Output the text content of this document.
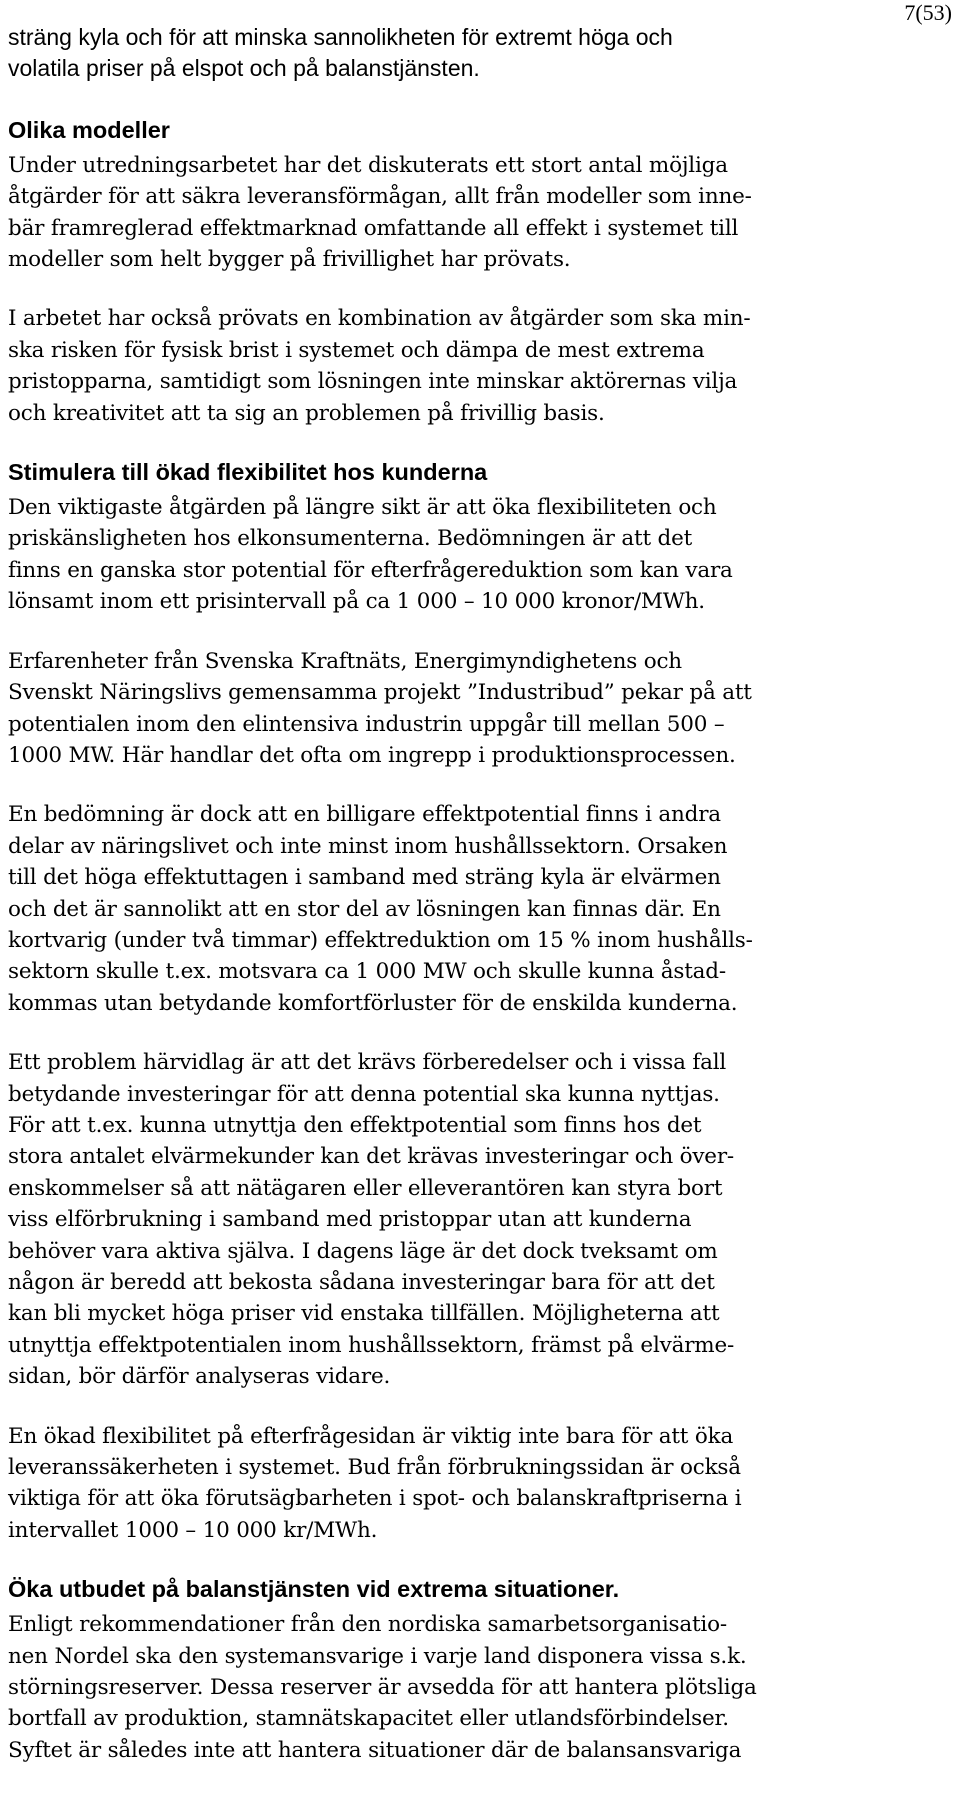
7(53)
sträng kyla och för att minska sannolikheten för extremt höga och
volatila priser på elspot och på balanstjänsten.
Olika modeller
Under utredningsarbetet har det diskuterats ett stort antal möjliga
åtgärder för att säkra leveransförmågan, allt från modeller som inne-
bär framreglerad effektmarknad omfattande all effekt i systemet till
modeller som helt bygger på frivillighet har prövats.
I arbetet har också prövats en kombination av åtgärder som ska min-
ska risken för fysisk brist i systemet och dämpa de mest extrema
pristopparna, samtidigt som lösningen inte minskar aktörernas vilja
och kreativitet att ta sig an problemen på frivillig basis.
Stimulera till ökad flexibilitet hos kunderna
Den viktigaste åtgärden på längre sikt är att öka flexibiliteten och
priskänsligheten hos elkonsumenterna. Bedömningen är att det
finns en ganska stor potential för efterfrågereduktion som kan vara
lönsamt inom ett prisintervall på ca 1 000 – 10 000 kronor/MWh.
Erfarenheter från Svenska Kraftnäts, Energimyndighetens och
Svenskt Näringslivs gemensamma projekt ”Industribud” pekar på att
potentialen inom den elintensiva industrin uppgår till mellan 500 –
1000 MW. Här handlar det ofta om ingrepp i produktionsprocessen.
En bedömning är dock att en billigare effektpotential finns i andra
delar av näringslivet och inte minst inom hushållssektorn. Orsaken
till det höga effektuttagen i samband med sträng kyla är elvärmen
och det är sannolikt att en stor del av lösningen kan finnas där. En
kortvarig (under två timmar) effektreduktion om 15 % inom hushålls-
sektorn skulle t.ex. motsvara ca 1 000 MW och skulle kunna åstad-
kommas utan betydande komfortförluster för de enskilda kunderna.
Ett problem härvidlag är att det krävs förberedelser och i vissa fall
betydande investeringar för att denna potential ska kunna nyttjas.
För att t.ex. kunna utnyttja den effektpotential som finns hos det
stora antalet elvärmekunder kan det krävas investeringar och över-
enskommelser så att nätägaren eller elleverantören kan styra bort
viss elförbrukning i samband med pristoppar utan att kunderna
behöver vara aktiva själva. I dagens läge är det dock tveksamt om
någon är beredd att bekosta sådana investeringar bara för att det
kan bli mycket höga priser vid enstaka tillfällen. Möjligheterna att
utnyttja effektpotentialen inom hushållssektorn, främst på elvärme-
sidan, bör därför analyseras vidare.
En ökad flexibilitet på efterfrågesidan är viktig inte bara för att öka
leveranssäkerheten i systemet. Bud från förbrukningssidan är också
viktiga för att öka förutsägbarheten i spot- och balanskraftpriserna i
intervallet 1000 – 10 000 kr/MWh.
Öka utbudet på balanstjänsten vid extrema situationer.
Enligt rekommendationer från den nordiska samarbetsorganisatio-
nen Nordel ska den systemansvarige i varje land disponera vissa s.k.
störningsreserver. Dessa reserver är avsedda för att hantera plötsliga
bortfall av produktion, stamnätskapacitet eller utlandsförbindelser.
Syftet är således inte att hantera situationer där de balansansvariga
